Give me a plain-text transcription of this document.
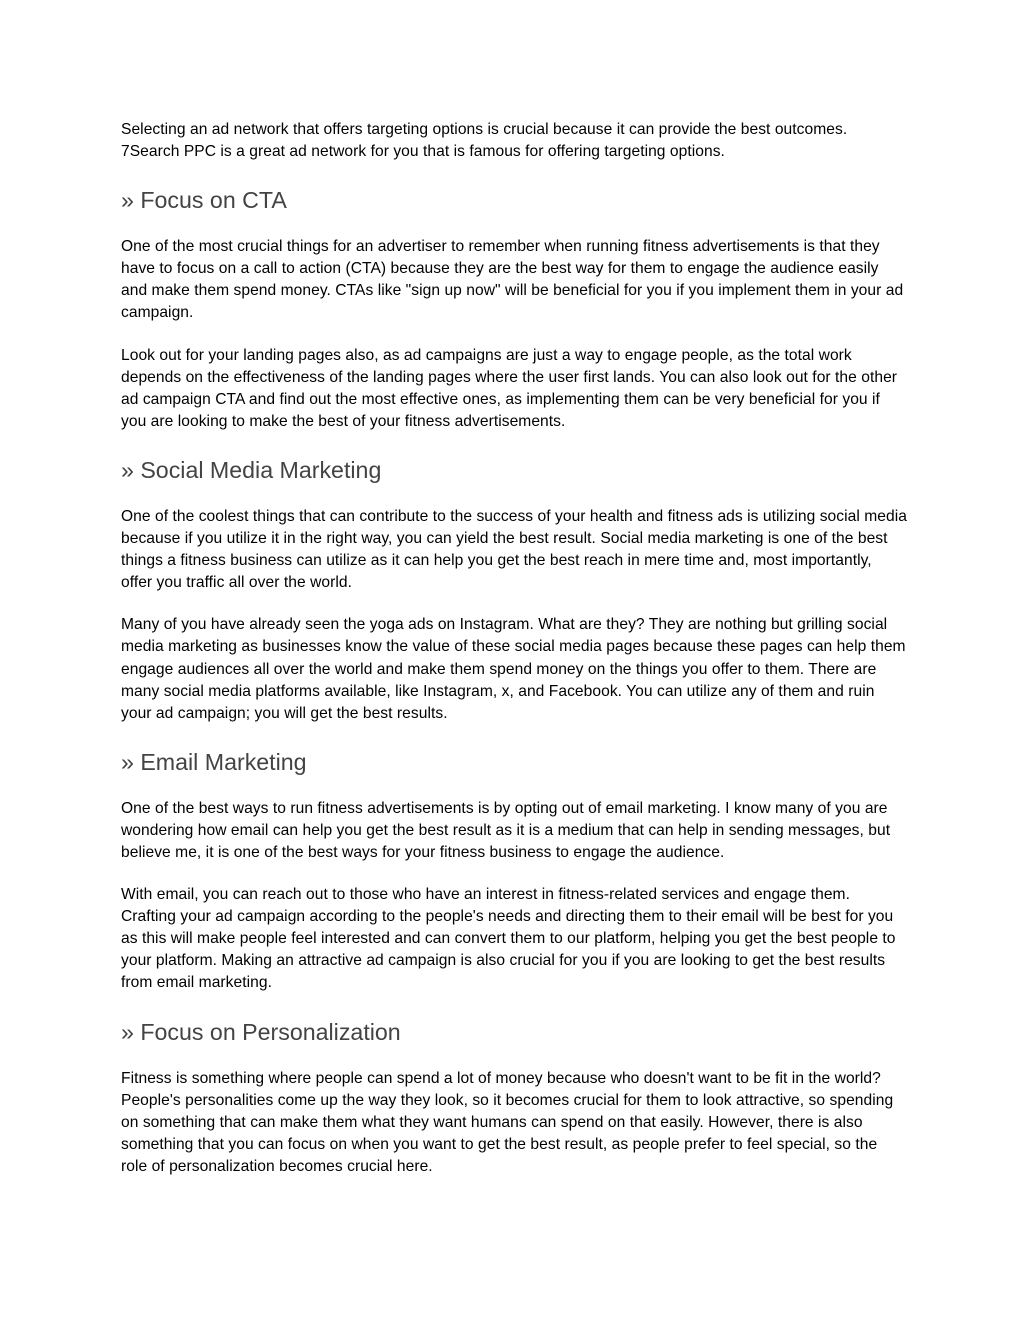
Selecting an ad network that offers targeting options is crucial because it can provide the best outcomes. 7Search PPC is a great ad network for you that is famous for offering targeting options.

» Focus on CTA

One of the most crucial things for an advertiser to remember when running fitness advertisements is that they have to focus on a call to action (CTA) because they are the best way for them to engage the audience easily and make them spend money. CTAs like "sign up now" will be beneficial for you if you implement them in your ad campaign.

Look out for your landing pages also, as ad campaigns are just a way to engage people, as the total work depends on the effectiveness of the landing pages where the user first lands. You can also look out for the other ad campaign CTA and find out the most effective ones, as implementing them can be very beneficial for you if you are looking to make the best of your fitness advertisements.

» Social Media Marketing

One of the coolest things that can contribute to the success of your health and fitness ads is utilizing social media because if you utilize it in the right way, you can yield the best result. Social media marketing is one of the best things a fitness business can utilize as it can help you get the best reach in mere time and, most importantly, offer you traffic all over the world.

Many of you have already seen the yoga ads on Instagram. What are they? They are nothing but grilling social media marketing as businesses know the value of these social media pages because these pages can help them engage audiences all over the world and make them spend money on the things you offer to them. There are many social media platforms available, like Instagram, x, and Facebook. You can utilize any of them and ruin your ad campaign; you will get the best results.

» Email Marketing

One of the best ways to run fitness advertisements is by opting out of email marketing. I know many of you are wondering how email can help you get the best result as it is a medium that can help in sending messages, but believe me, it is one of the best ways for your fitness business to engage the audience.

With email, you can reach out to those who have an interest in fitness-related services and engage them. Crafting your ad campaign according to the people's needs and directing them to their email will be best for you as this will make people feel interested and can convert them to our platform, helping you get the best people to your platform. Making an attractive ad campaign is also crucial for you if you are looking to get the best results from email marketing.

» Focus on Personalization

Fitness is something where people can spend a lot of money because who doesn't want to be fit in the world? People's personalities come up the way they look, so it becomes crucial for them to look attractive, so spending on something that can make them what they want humans can spend on that easily. However, there is also something that you can focus on when you want to get the best result, as people prefer to feel special, so the role of personalization becomes crucial here.
